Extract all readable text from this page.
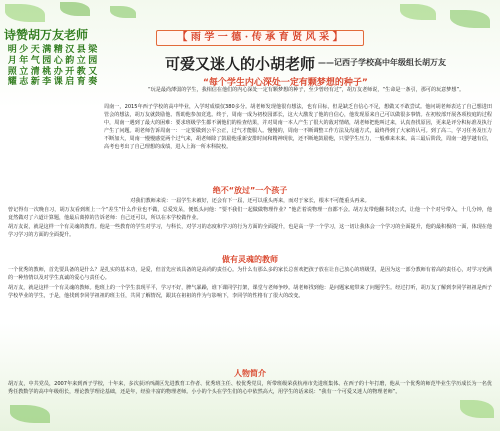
诗赞胡万友老师
梁园又奏
县立教育
汉韵开启
精心办课
满园桃李
天气清新
少年立志
明月照耀
【 雨 学 一 德 · 传 承 育 贤 风 采 】
可爱又迷人的小胡老师 ——记西子学校高中年级组长胡万友
“每个学生内心深处一定有颗梦想的种子”
“玩是最尚薄弱的学生，我相信在他们的内心深处一定有颗梦想的种子，至少曾经有过”，胡万友老师说，“生命是一条引，那可的玩意梦想”。
周南一，2015年西子学校的高中毕业，入学时成绩仅380多分。胡老师发现他很有想法，也有目标，但是缺乏自信心不足，想做又不敢尝试。他问胡老师表达了自己想进田管会的想法，胡万友就鼓励他、帮助他参加竞选。终于，周南一成为初校园部长，这大大激发了他的自信心，他发现原来自己可以做很多事情。在初校部开展各项校庭的过程中，周南一遇到了最大的困难：要求班级学生都不满他们的检查结果，并对周南一本人产生了很大的敌对情绪，胡老师把他叫过来，认真查找原因，更来是评分积标准及执行产生了问题。胡老师告诉周南一：一定要做到公平公正，过气才能服人。慢慢的，周南一不断调整工作方法及沟通方式，最终得到了大家的认可。到了高二，学习任务及压力不断加大，周南一慢慢感觉两个过气来，胡老师除了鼓励他重新安排时间和精神现状，还不断地鼓励他，只要学生压力，一般难来未来。高三最后阶段，周南一越学越有信，高考也考出了自己理想的成绩，进入上海一所本科院校。
绝不“放过”一个孩子
对我们教师来说：一届学生未被好，还会有下一届，还可以重头再来，而对于家长，根本不可能重头再来。
曾记得有一次晚自习，胡万友看到班上一个“差生”什么作业也不做，总爱发呆，便低头问他：“要不我们一起做做物理作业？”他茫着说物理一直都不会。胡万友带他翻书找公式，让他一个个对号带入，十几分钟，他竟然做对了六道计算题，他最后离掉的告诉老师：自己还可以，所以在本学校做作业。
胡万友说，就是这样一个有灵魂的教育。他是一些教育的学生对学习，与科长，对学习的态度和学习的行为方面的全面提升，也是高一学一个学习，这一切让我体会一个学习的全面提升，他的最积极的一面，体现在他学习学习的方面的全面提升。
做有灵魂的教师
一个优秀的教师，首先要具备的是什么？是扎实的基本功，是爱，但首先应该具备的是高尚的责任心。为什么有那么多的家长总喜欢把孩子放在让自己放心的班级里，是因为这一部分教师有着高的责任心，对学习充满的一种热情以及对学生真诚的爱心与责任心。
胡万友，就是这样一个有灵魂的教师。他班上的一个学生表现平平，学习不好，脾气暴躁，谁下课同学打架，课堂与老师争吵。胡老师找到他：是问题家庭带来了问题学生。经过打听，胡万友了解到李同学祖祖是西子学校毕业的学生，于是，他找到李同学祖祖的班主任，共同了解情况，跟其在祖祖的作为与影响下，李同学的性格有了很大的改变。
人物简介
胡万友，中共党员，2007年来到西子学校，十年来，多次获评西湖区先进教育工作者、优秀班主任、校优秀党员，所带班级荣获杭州市先进班集体、在西子的十年打磨，他从一个优秀的师范毕业生学历成长为一名优秀任教数学的高中年级组长，理论教学理论基础，还是年，经验丰富的物理老师。小小的个头在学生们的心中依然高大，用学生的话来说：“我有一个可爱又迷人的物理老师”。
